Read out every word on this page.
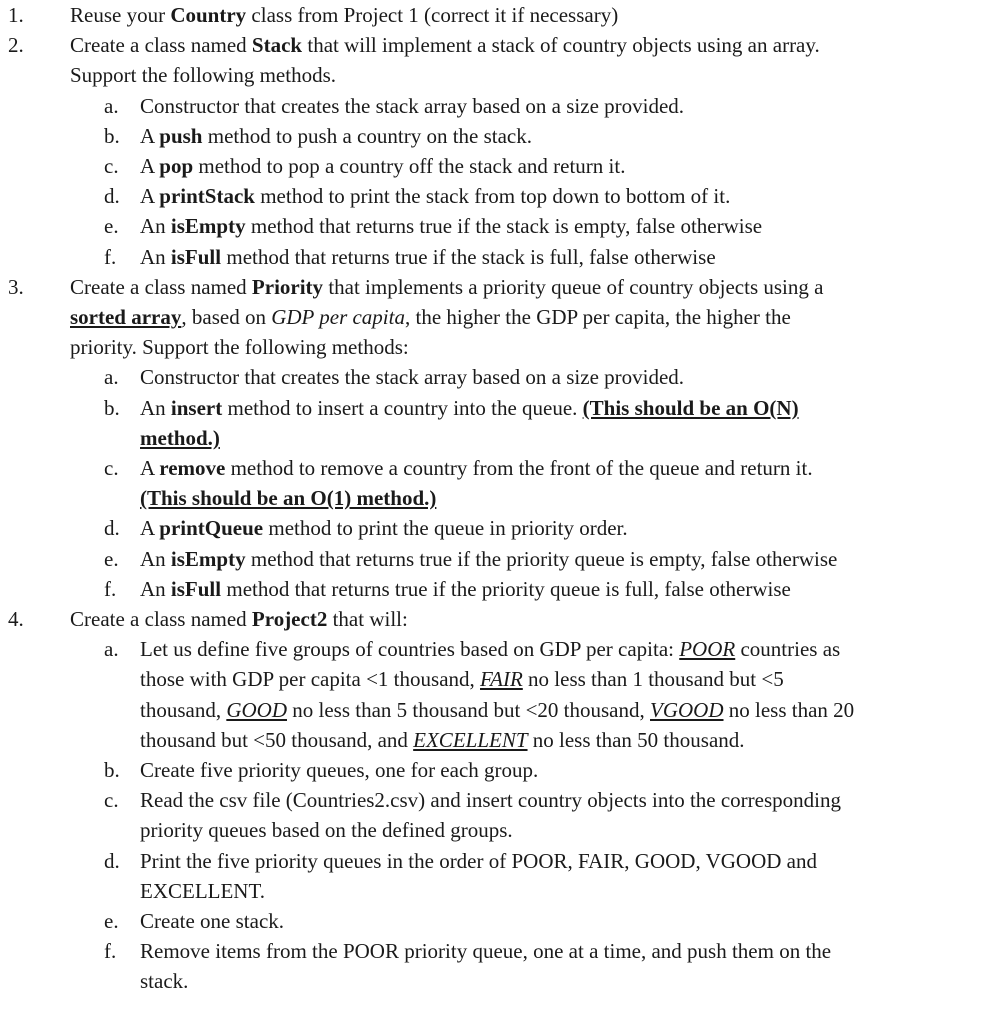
1. Reuse your Country class from Project 1 (correct it if necessary)
2. Create a class named Stack that will implement a stack of country objects using an array.
Support the following methods.
a. Constructor that creates the stack array based on a size provided.
b. A push method to push a country on the stack.
c. A pop method to pop a country off the stack and return it.
d. A printStack method to print the stack from top down to bottom of it.
e. An isEmpty method that returns true if the stack is empty, false otherwise
f. An isFull method that returns true if the stack is full, false otherwise
3. Create a class named Priority that implements a priority queue of country objects using a
sorted array, based on GDP per capita, the higher the GDP per capita, the higher the
priority. Support the following methods:
a. Constructor that creates the stack array based on a size provided.
b. An insert method to insert a country into the queue. (This should be an O(N)
method.)
c. A remove method to remove a country from the front of the queue and return it.
(This should be an O(1) method.)
d. A printQueue method to print the queue in priority order.
e. An isEmpty method that returns true if the priority queue is empty, false otherwise
f. An isFull method that returns true if the priority queue is full, false otherwise
4. Create a class named Project2 that will:
a. Let us define five groups of countries based on GDP per capita: POOR countries as
those with GDP per capita <1 thousand, FAIR no less than 1 thousand but <5
thousand, GOOD no less than 5 thousand but <20 thousand, VGOOD no less than 20
thousand but <50 thousand, and EXCELLENT no less than 50 thousand.
b. Create five priority queues, one for each group.
c. Read the csv file (Countries2.csv) and insert country objects into the corresponding
priority queues based on the defined groups.
d. Print the five priority queues in the order of POOR, FAIR, GOOD, VGOOD and
EXCELLENT.
e. Create one stack.
f. Remove items from the POOR priority queue, one at a time, and push them on the
stack.
